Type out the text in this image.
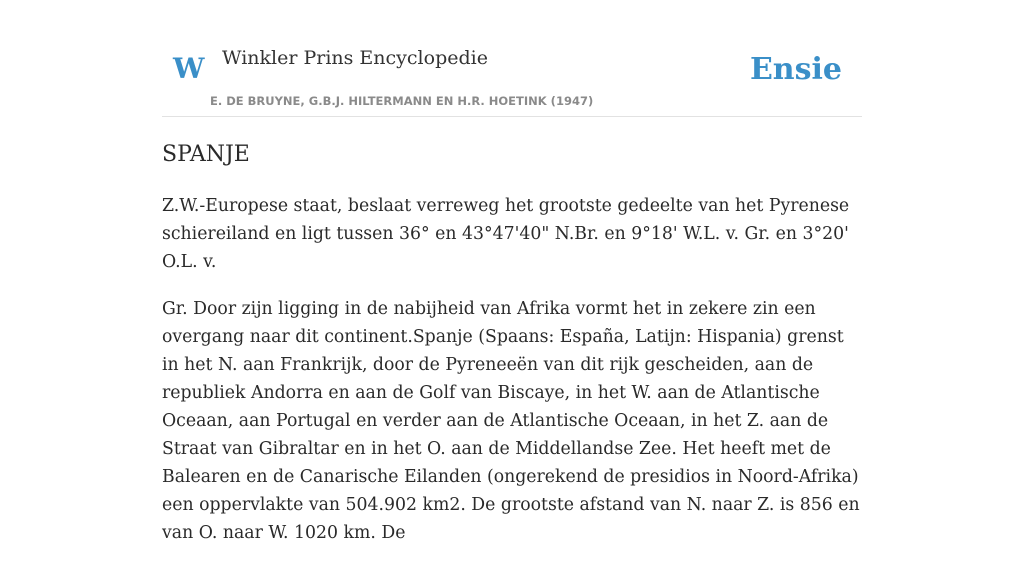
W Winkler Prins Encyclopedie
E. DE BRUYNE, G.B.J. HILTERMANN EN H.R. HOETINK (1947)
Ensie
SPANJE

Z.W.-Europese staat, beslaat verreweg het grootste gedeelte van het Pyrenese schiereiland en ligt tussen 36° en 43°47'40" N.Br. en 9°18' W.L. v. Gr. en 3°20' O.L. v.

Gr. Door zijn ligging in de nabijheid van Afrika vormt het in zekere zin een overgang naar dit continent.Spanje (Spaans: España, Latijn: Hispania) grenst in het N. aan Frankrijk, door de Pyreneeën van dit rijk gescheiden, aan de republiek Andorra en aan de Golf van Biscaye, in het W. aan de Atlantische Oceaan, aan Portugal en verder aan de Atlantische Oceaan, in het Z. aan de Straat van Gibraltar en in het O. aan de Middellandse Zee. Het heeft met de Balearen en de Canarische Eilanden (ongerekend de presidios in Noord-Afrika) een oppervlakte van 504.902 km2. De grootste afstand van N. naar Z. is 856 en van O. naar W. 1020 km. De
